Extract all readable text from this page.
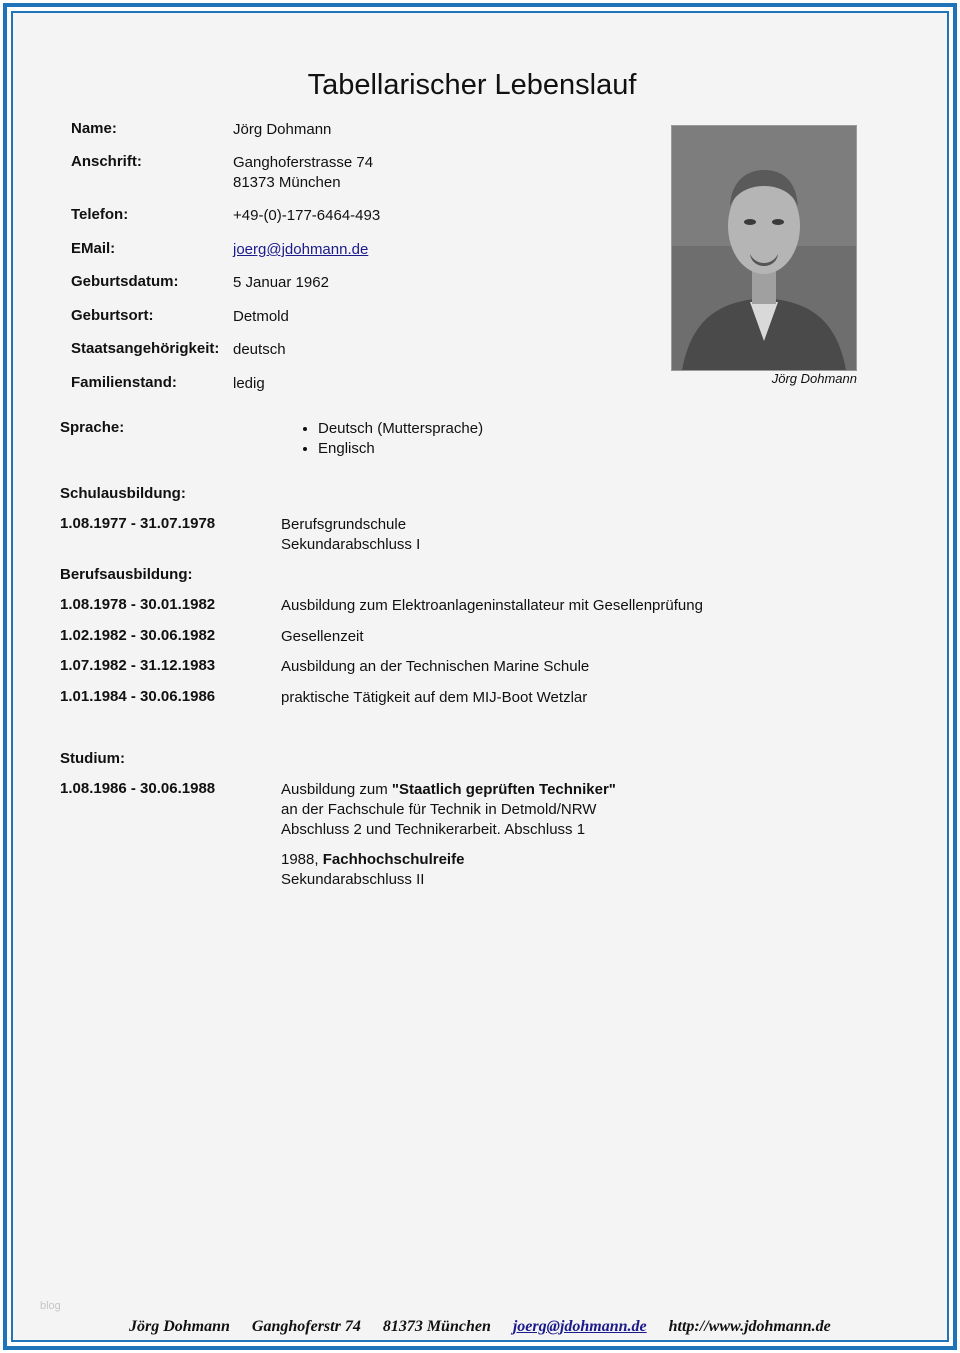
Tabellarischer Lebenslauf
Name:	Jörg Dohmann
Anschrift:	Ganghoferstrasse 74
81373 München
Telefon:	+49-(0)-177-6464-493
EMail:	joerg@jdohmann.de
Geburtsdatum:	5 Januar 1962
Geburtsort:	Detmold
Staatsangehörigkeit: deutsch
Familienstand:	ledig	Jörg Dohmann
Sprache:
•	Deutsch (Muttersprache)
• Englisch
Schulausbildung:
1.08.1977 - 31.07.1978	Berufsgrundschule
Sekundarabschluss I
Berufsausbildung:
1.08.1978 - 30.01.1982	Ausbildung zum Elektroanlageninstallateur mit Gesellenprüfung
1.02.1982 - 30.06.1982	Gesellenzeit
1.07.1982 - 31.12.1983	Ausbildung an der Technischen Marine Schule
1.01.1984 - 30.06.1986	praktische Tätigkeit auf dem MIJ-Boot Wetzlar
Studium:
1.08.1986 - 30.06.1988	Ausbildung zum "Staatlich geprüften Techniker"
an der Fachschule für Technik in Detmold/NRW
Abschluss 2 und Technikerarbeit. Abschluss 1
1988, Fachhochschulreife
Sekundarabschluss II
blog
Jörg Dohmann Ganghoferstr 74 81373 München joerg@jdohmann.de http://www.jdohmann.de
